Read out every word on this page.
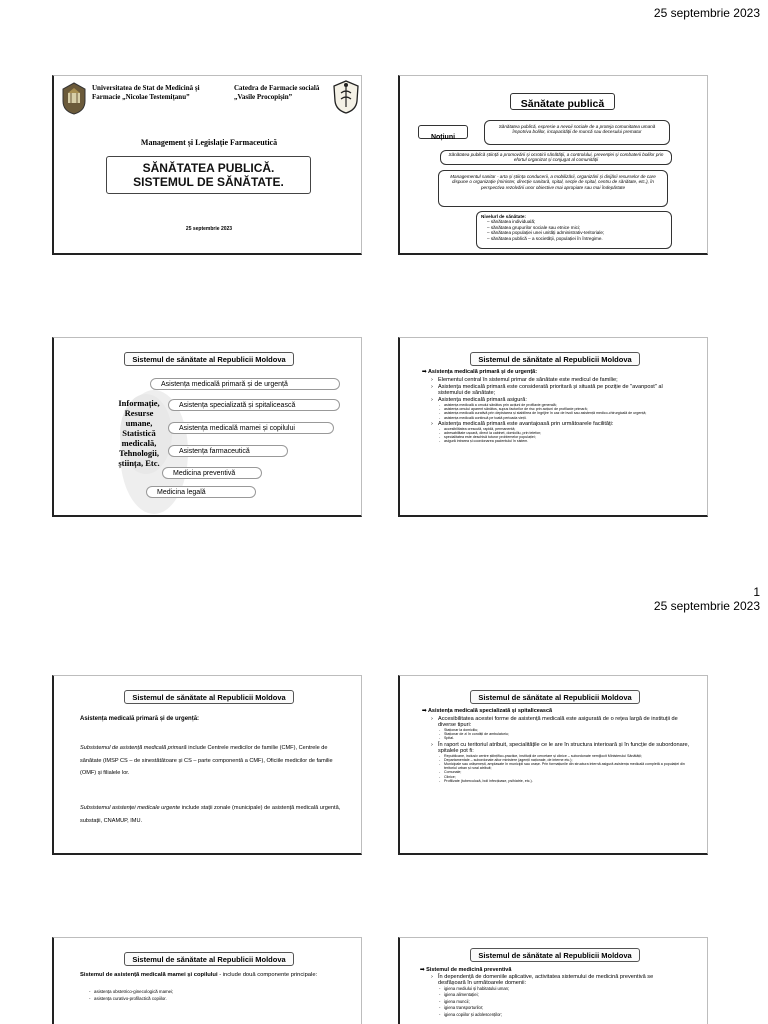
25 septembrie 2023
1
25 septembrie 2023
Universitatea de Stat de Medicină și Farmacie „Nicolae Testemițanu”
Catedra de Farmacie socială „Vasile Procopișin”
Management și Legislație Farmaceutică
SĂNĂTATEA PUBLICĂ. SISTEMUL DE SĂNĂTATE.
25 septembrie 2023
Sănătate publică
Noțiuni
Sănătatea publică, expresie a nevoii sociale de a proteja comunitatea umană împotriva bolilor, incapacității de muncă sau decesului prematur
Sănătatea publică știință a promovării și ocrotirii sănătății, a controlului, prevenției și combaterii bolilor prin efortul organizat și conjugat al comunității
Managementul sanitar - arta și știința conducerii, a mobilizării, organizării și dirijării resurselor de care dispune o organizație (minister, direcție sanitară, spital, secție de spital, centru de sănătate, etc.), în perspectiva rezolvării unor obiective mai apropiate sau mai îndepărtate
Nivelurl de sănătate:
– sănătatea individuală;
– sănătatea grupurilor sociale sau etnice mici;
– sănătatea populației unei unități administrativ-teritoriale;
– sănătatea publică – a societății, populației în întregime.
Sistemul de sănătate al Republicii Moldova
Informație, Resurse umane, Statistică medicală, Tehnologii, știința, Etc.
Asistența medicală primară și de urgență
Asistența specializată și spitalicească
Asistența medicală mamei și copilului
Asistența farmaceutică
Medicina preventivă
Medicina legală
Sistemul de sănătate al Republicii Moldova
➡ Asistența medicală primară și de urgență:
› Elementul central în sistemul primar de sănătate este medicul de familie;
› Asistența medicală primară este considerată prioritară și situată pe poziție de "avanpost" al sistemului de sănătate;
› Asistența medicală primară asigură:
- asistența medicală a omului sănătos prin acțiuni de profilaxie generală;
- asistența omului aparent sănătos, supus factorilor de risc prin acțiuni de profilaxie primară;
- asistența medicală curativă prin depistarea și stabilirea de îngrijire în caz de bvoli sau asistență medico-chirurgicală de urgență;
- asistența medicală continuă pe toată perioada vieții.
› Asistența medicală primară este avantajoasă prin următoarele facilități:
- accesibilitatea crescută, rapidă, permanentă;
- adresabilitate ușoară, direct la cabinet, domiciliu, prin telefon;
- specialitatea este deschisă tuturor problemelor populației;
- asigură intrarea și coordonarea pacientului în sistem.
Sistemul de sănătate al Republicii Moldova
Asistența medicală primară și de urgență:
Subsistemul de asistență medicală primară include Centrele medicilor de familie (CMF), Centrele de sănătate (IMSP CS – de sinestătătoare și CS – parte componentă a CMF), Oficiile medicilor de familie (OMF) și filialele lor.
Subsistemul asistenței medicale urgente include stații zonale (municipale) de asistență medicală urgentă, substații, CNAMUP, IMU.
Sistemul de sănătate al Republicii Moldova
➡ Asistența medicală specializată și spitalicească
› Accesibilitatea acestei forme de asistență medicală este asigurată de o rețea largă de instituții de diverse tipuri:
- Staționar la domiciliu;
- Staționar de zi în condiții de ambulatoriu;
- Spital.
› În raport cu teritoriul atribuit, specialitățile ce le are în structura interioară și în funcție de subordonare, spitalele pot fi:
- Republicane, inclusiv centre științifico-practice, instituții de cercetare și clinice – subordonate nemijlocit Ministerului Sănătății;
- Departamentale – subordonate altor ministere (agenții naționale, de interne etc.);
- Municipale sau orășenești, amplasate în municipii sau orașe. Prin formațiunile din structura internă asigură asistența medicală completă a populației din teritoriul urban și rural atribuit;
- Comunale;
- Clinice;
- Profilizate (tuberculoză, boli infecțioase, psihiatrie, etc.).
Sistemul de sănătate al Republicii Moldova
Sistemul de asistență medicală mamei și copilului - include două componente principale:
- asistența obstetrico-ginecologică mamei;
- asistența curativo-profilactică copiilor.
Sistemul de sănătate al Republicii Moldova
➡ Sistemul de medicină preventivă
› În dependență de domeniile aplicative, activitatea sistemului de medicină preventivă se desfășoară în următoarele domenii:
- igiena mediului și habitatului uman;
- igiena alimentației;
- igiena muncii;
- igiena transporturilor;
- igiena copiilor și adolescenților;
